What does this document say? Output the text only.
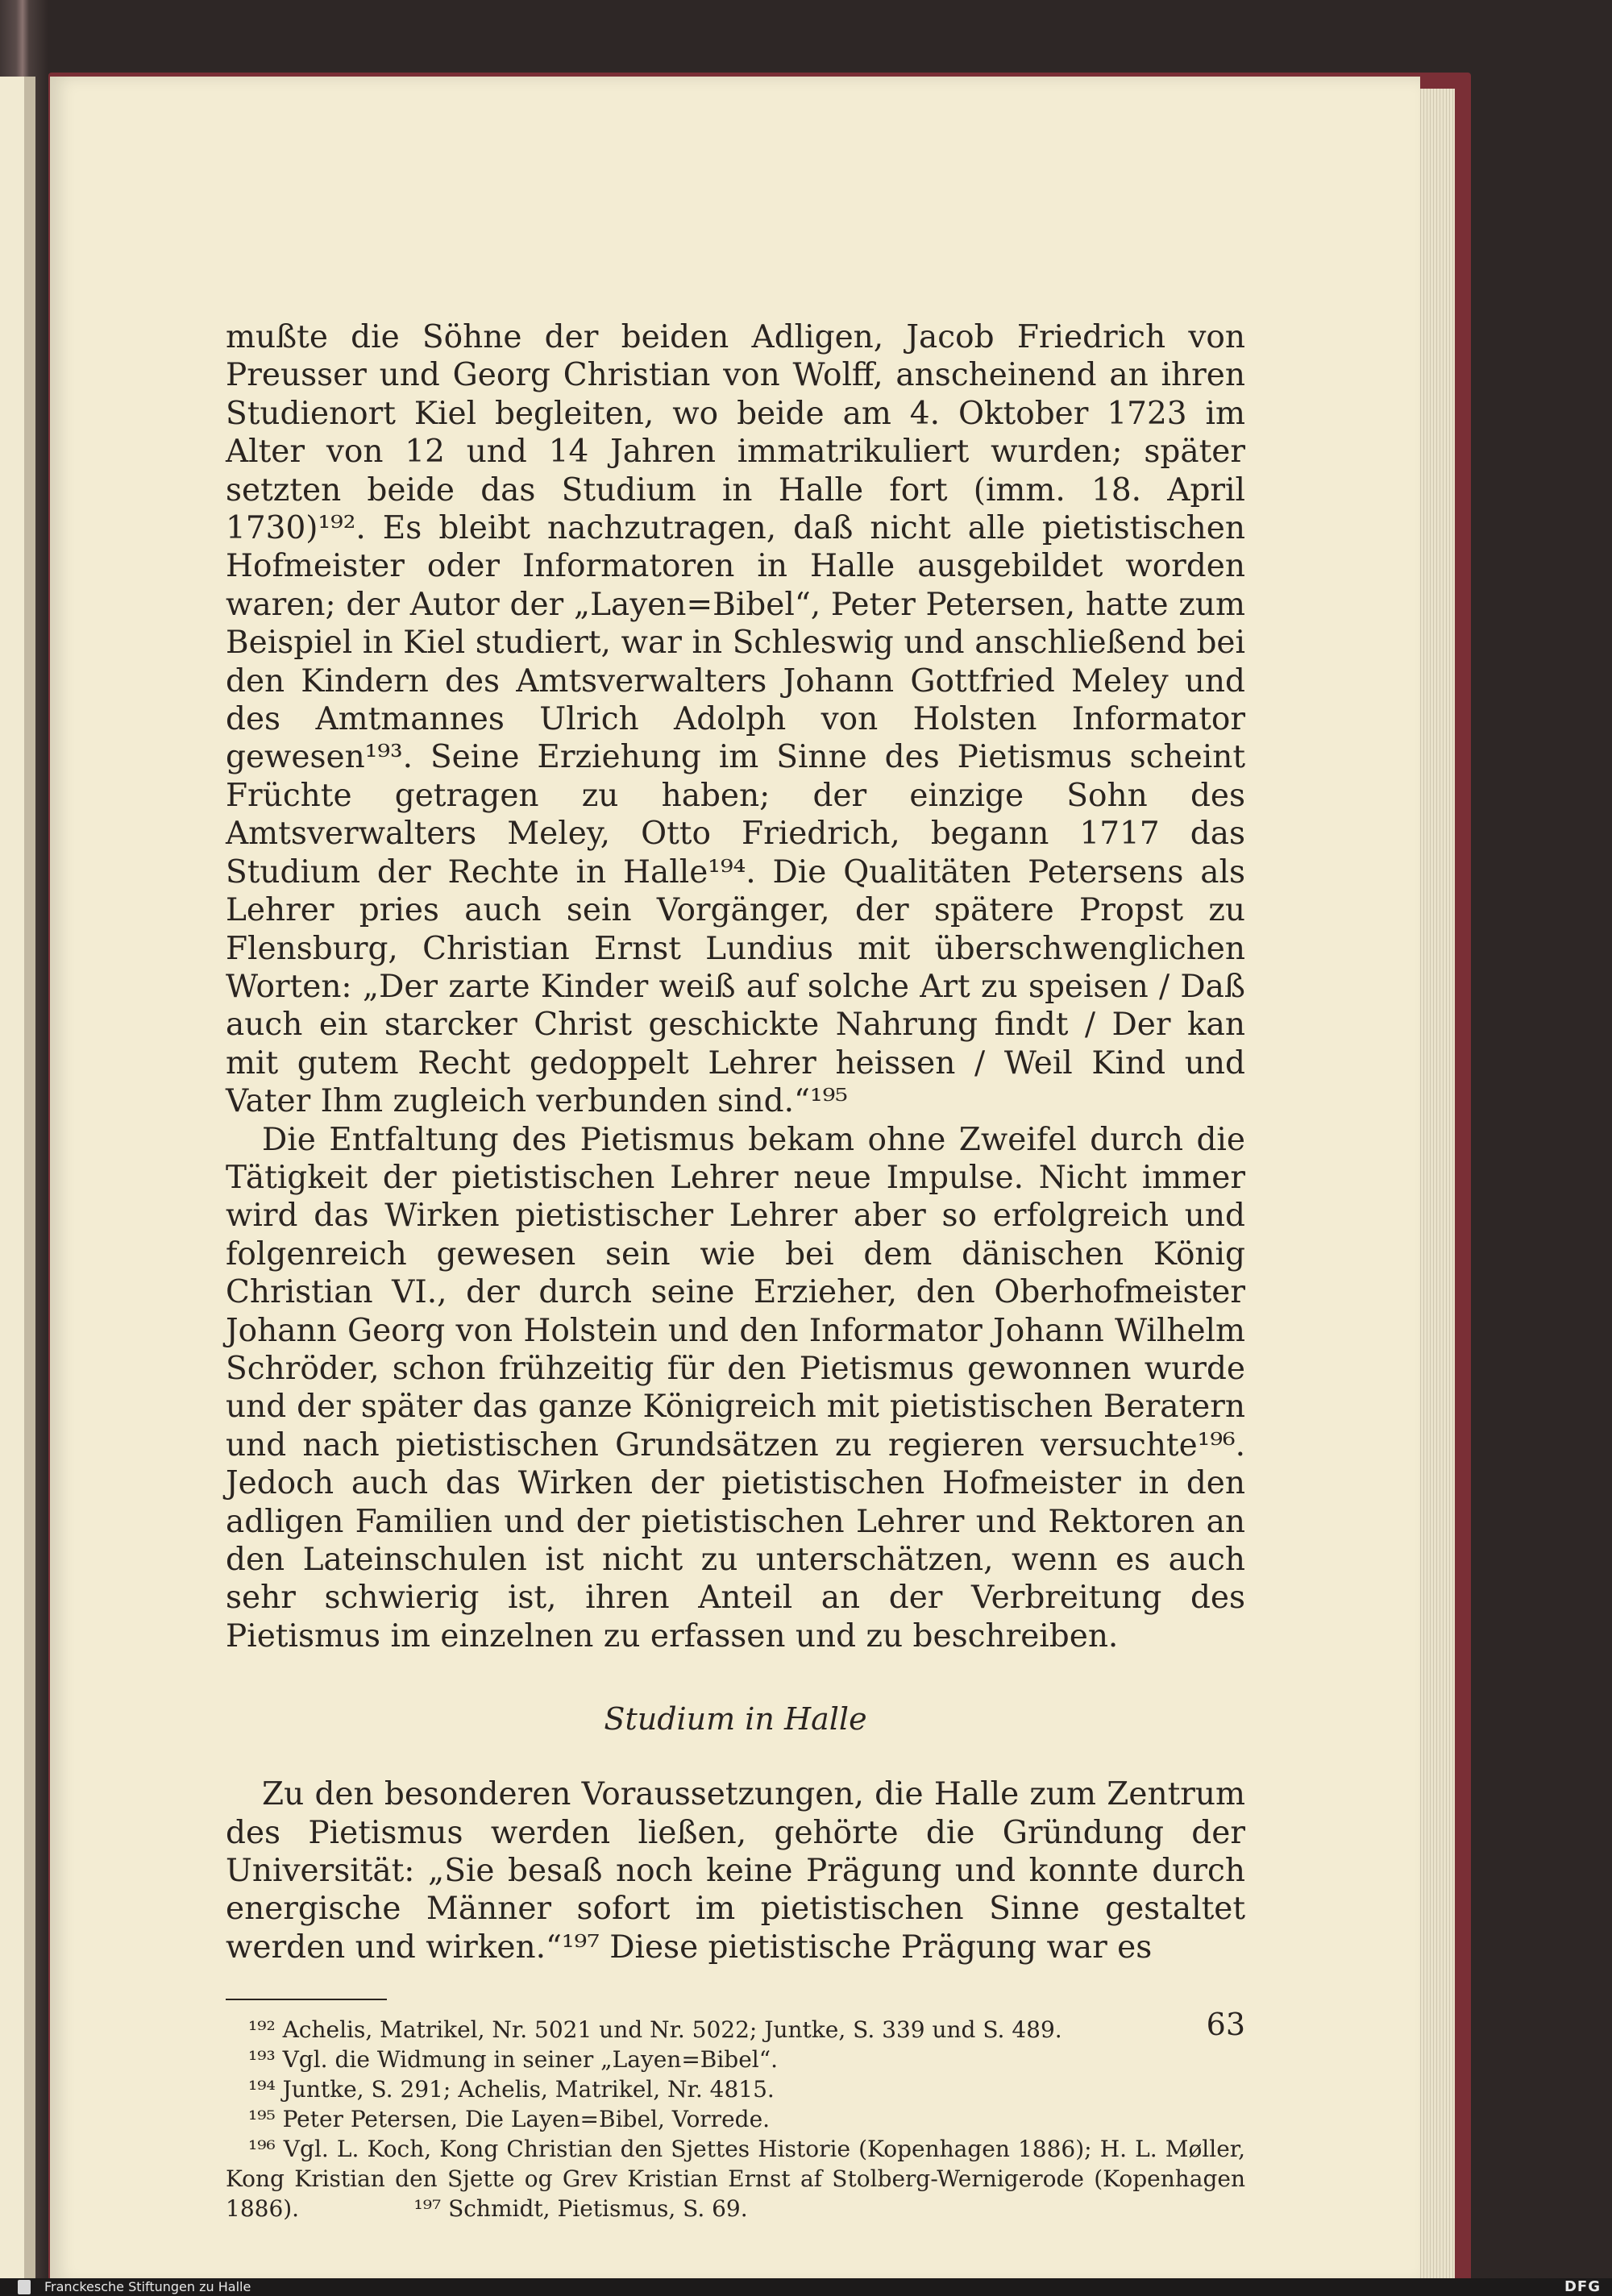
mußte die Söhne der beiden Adligen, Jacob Friedrich von Preusser und Georg Christian von Wolff, anscheinend an ihren Studienort Kiel begleiten, wo beide am 4. Oktober 1723 im Alter von 12 und 14 Jahren immatrikuliert wurden; später setzten beide das Studium in Halle fort (imm. 18. April 1730)¹⁹². Es bleibt nachzutragen, daß nicht alle pietistischen Hofmeister oder Informatoren in Halle ausgebildet worden waren; der Autor der „Layen=Bibel“, Peter Petersen, hatte zum Beispiel in Kiel studiert, war in Schleswig und anschließend bei den Kindern des Amtsverwalters Johann Gottfried Meley und des Amtmannes Ulrich Adolph von Holsten Informator gewesen¹⁹³. Seine Erziehung im Sinne des Pietismus scheint Früchte getragen zu haben; der einzige Sohn des Amtsverwalters Meley, Otto Friedrich, begann 1717 das Studium der Rechte in Halle¹⁹⁴. Die Qualitäten Petersens als Lehrer pries auch sein Vorgänger, der spätere Propst zu Flensburg, Christian Ernst Lundius mit überschwenglichen Worten: „Der zarte Kinder weiß auf solche Art zu speisen / Daß auch ein starcker Christ geschickte Nahrung findt / Der kan mit gutem Recht gedoppelt Lehrer heissen / Weil Kind und Vater Ihm zugleich verbunden sind.“¹⁹⁵

Die Entfaltung des Pietismus bekam ohne Zweifel durch die Tätigkeit der pietistischen Lehrer neue Impulse. Nicht immer wird das Wirken pietistischer Lehrer aber so erfolgreich und folgenreich gewesen sein wie bei dem dänischen König Christian VI., der durch seine Erzieher, den Oberhofmeister Johann Georg von Holstein und den Informator Johann Wilhelm Schröder, schon frühzeitig für den Pietismus gewonnen wurde und der später das ganze Königreich mit pietistischen Beratern und nach pietistischen Grundsätzen zu regieren versuchte¹⁹⁶. Jedoch auch das Wirken der pietistischen Hofmeister in den adligen Familien und der pietistischen Lehrer und Rektoren an den Lateinschulen ist nicht zu unterschätzen, wenn es auch sehr schwierig ist, ihren Anteil an der Verbreitung des Pietismus im einzelnen zu erfassen und zu beschreiben.

Studium in Halle

Zu den besonderen Voraussetzungen, die Halle zum Zentrum des Pietismus werden ließen, gehörte die Gründung der Universität: „Sie besaß noch keine Prägung und konnte durch energische Männer sofort im pietistischen Sinne gestaltet werden und wirken.“¹⁹⁷ Diese pietistische Prägung war es

¹⁹² Achelis, Matrikel, Nr. 5021 und Nr. 5022; Juntke, S. 339 und S. 489.

¹⁹³ Vgl. die Widmung in seiner „Layen=Bibel“.

¹⁹⁴ Juntke, S. 291; Achelis, Matrikel, Nr. 4815.

¹⁹⁵ Peter Petersen, Die Layen=Bibel, Vorrede.

¹⁹⁶ Vgl. L. Koch, Kong Christian den Sjettes Historie (Kopenhagen 1886); H. L. Møller, Kong Kristian den Sjette og Grev Kristian Ernst af Stolberg-Wernigerode (Kopenhagen 1886).                ¹⁹⁷ Schmidt, Pietismus, S. 69.

63
Franckesche Stiftungen zu Halle	DFG
